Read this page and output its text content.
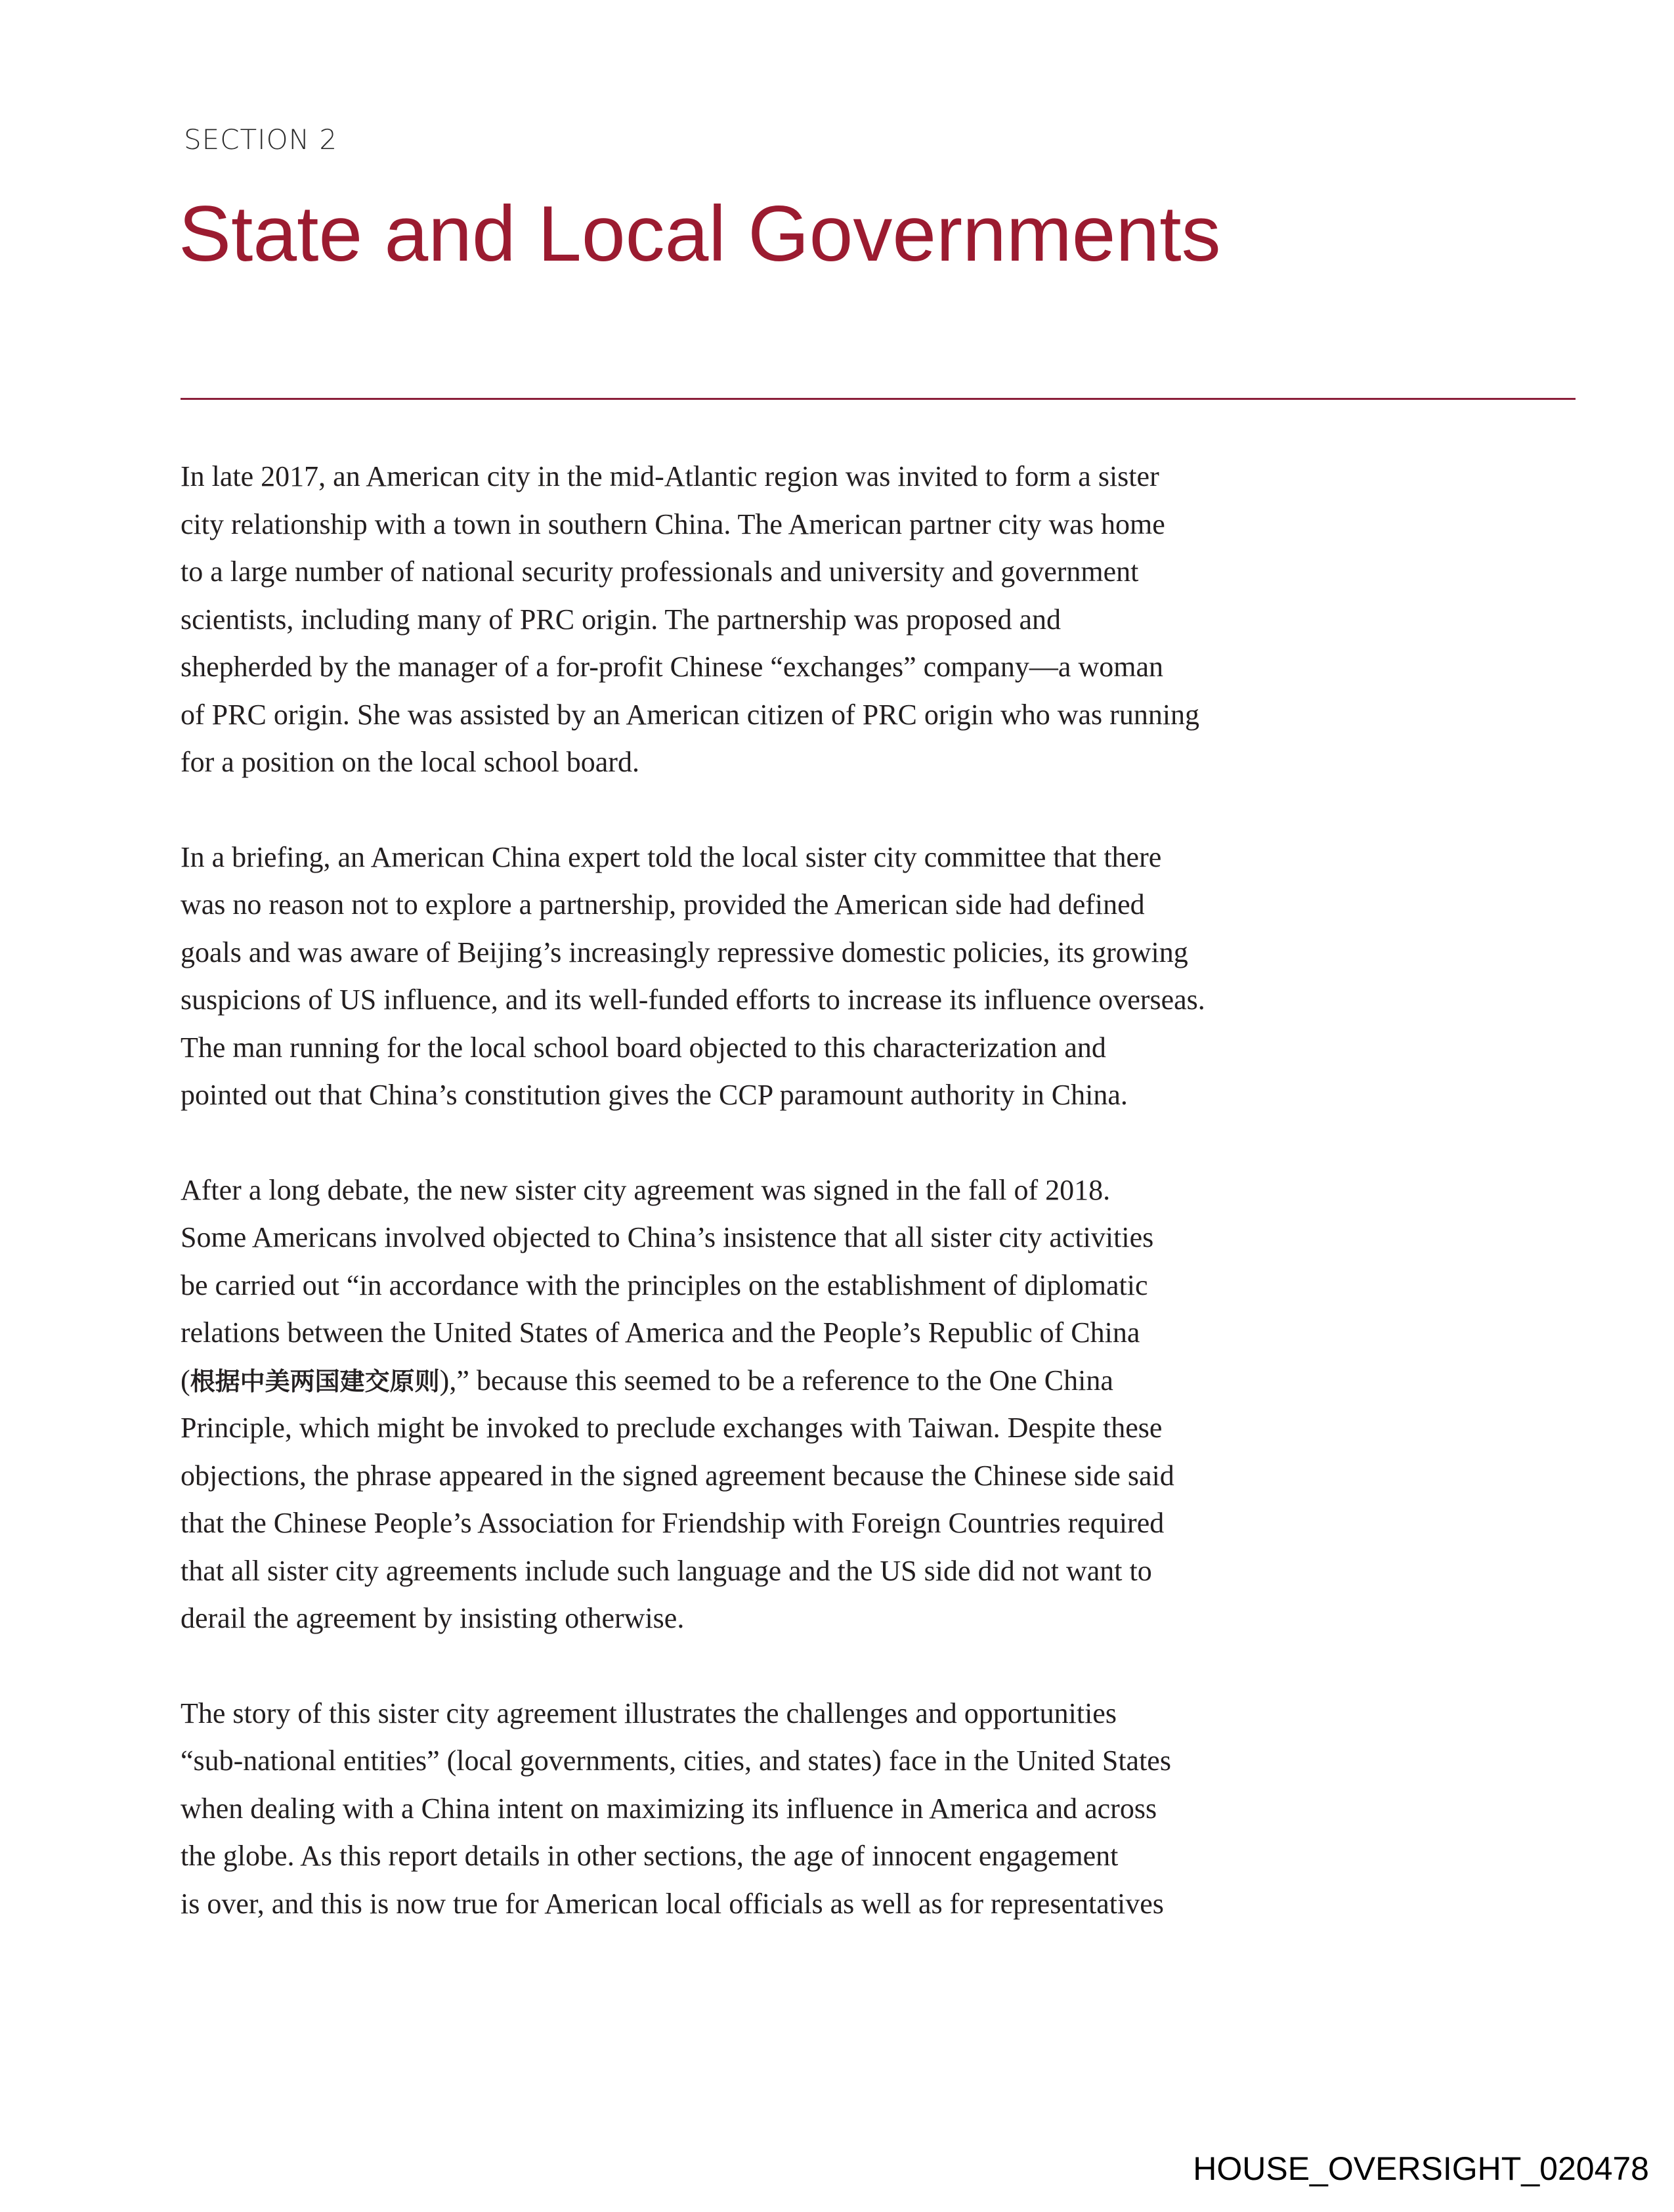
SECTION 2
State and Local Governments
In late 2017, an American city in the mid-Atlantic region was invited to form a sister
city relationship with a town in southern China. The American partner city was home
to a large number of national security professionals and university and government
scientists, including many of PRC origin. The partnership was proposed and
shepherded by the manager of a for-profit Chinese “exchanges” company—a woman
of PRC origin. She was assisted by an American citizen of PRC origin who was running
for a position on the local school board.
In a briefing, an American China expert told the local sister city committee that there
was no reason not to explore a partnership, provided the American side had defined
goals and was aware of Beijing’s increasingly repressive domestic policies, its growing
suspicions of US influence, and its well-funded efforts to increase its influence overseas.
The man running for the local school board objected to this characterization and
pointed out that China’s constitution gives the CCP paramount authority in China.
After a long debate, the new sister city agreement was signed in the fall of 2018.
Some Americans involved objected to China’s insistence that all sister city activities
be carried out “in accordance with the principles on the establishment of diplomatic
relations between the United States of America and the People’s Republic of China
(根据中美两国建交原则),” because this seemed to be a reference to the One China
Principle, which might be invoked to preclude exchanges with Taiwan. Despite these
objections, the phrase appeared in the signed agreement because the Chinese side said
that the Chinese People’s Association for Friendship with Foreign Countries required
that all sister city agreements include such language and the US side did not want to
derail the agreement by insisting otherwise.
The story of this sister city agreement illustrates the challenges and opportunities
“sub-national entities” (local governments, cities, and states) face in the United States
when dealing with a China intent on maximizing its influence in America and across
the globe. As this report details in other sections, the age of innocent engagement
is over, and this is now true for American local officials as well as for representatives
HOUSE_OVERSIGHT_020478
